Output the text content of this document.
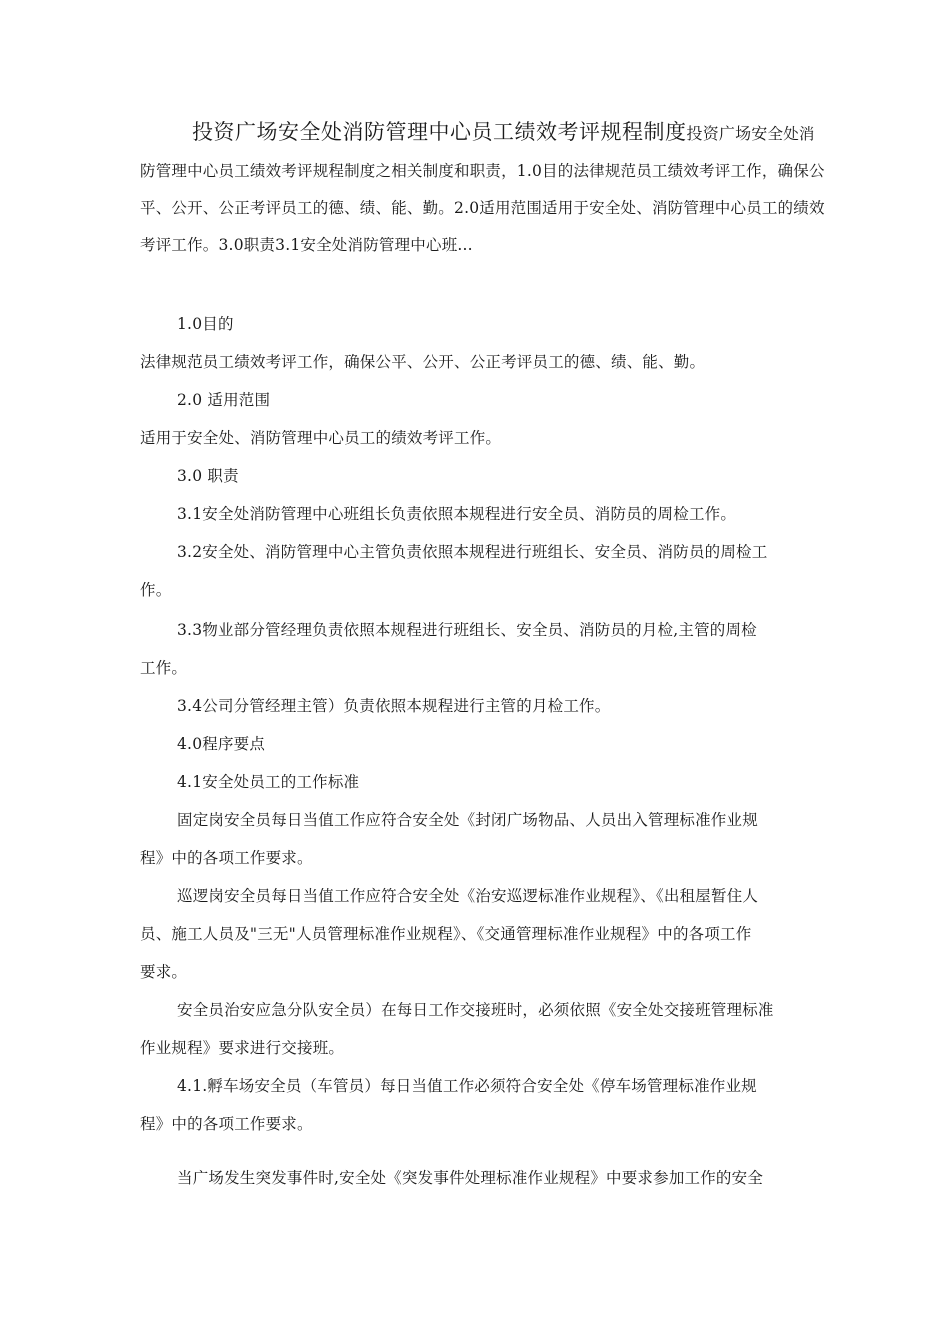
投资广场安全处消防管理中心员工绩效考评规程制度投资广场安全处消防管理中心员工绩效考评规程制度之相关制度和职责，1.0目的法律规范员工绩效考评工作，确保公平、公开、公正考评员工的德、绩、能、勤。2.0适用范围适用于安全处、消防管理中心员工的绩效考评工作。3.0职责3.1安全处消防管理中心班...
1.0目的
法律规范员工绩效考评工作，确保公平、公开、公正考评员工的德、绩、能、勤。
2.0 适用范围
适用于安全处、消防管理中心员工的绩效考评工作。
3.0 职责
3.1安全处消防管理中心班组长负责依照本规程进行安全员、消防员的周检工作。
3.2安全处、消防管理中心主管负责依照本规程进行班组长、安全员、消防员的周检工
作。
3.3物业部分管经理负责依照本规程进行班组长、安全员、消防员的月检,主管的周检
工作。
3.4公司分管经理主管）负责依照本规程进行主管的月检工作。
4.0程序要点
4.1安全处员工的工作标准
固定岗安全员每日当值工作应符合安全处《封闭广场物品、人员出入管理标准作业规
程》中的各项工作要求。
巡逻岗安全员每日当值工作应符合安全处《治安巡逻标准作业规程》、《出租屋暂住人
员、施工人员及"三无"人员管理标准作业规程》、《交通管理标准作业规程》中的各项工作
要求。
安全员治安应急分队安全员）在每日工作交接班时，必须依照《安全处交接班管理标准
作业规程》要求进行交接班。
4.1.孵车场安全员（车管员）每日当值工作必须符合安全处《停车场管理标准作业规
程》中的各项工作要求。
当广场发生突发事件时,安全处《突发事件处理标准作业规程》中要求参加工作的安全
